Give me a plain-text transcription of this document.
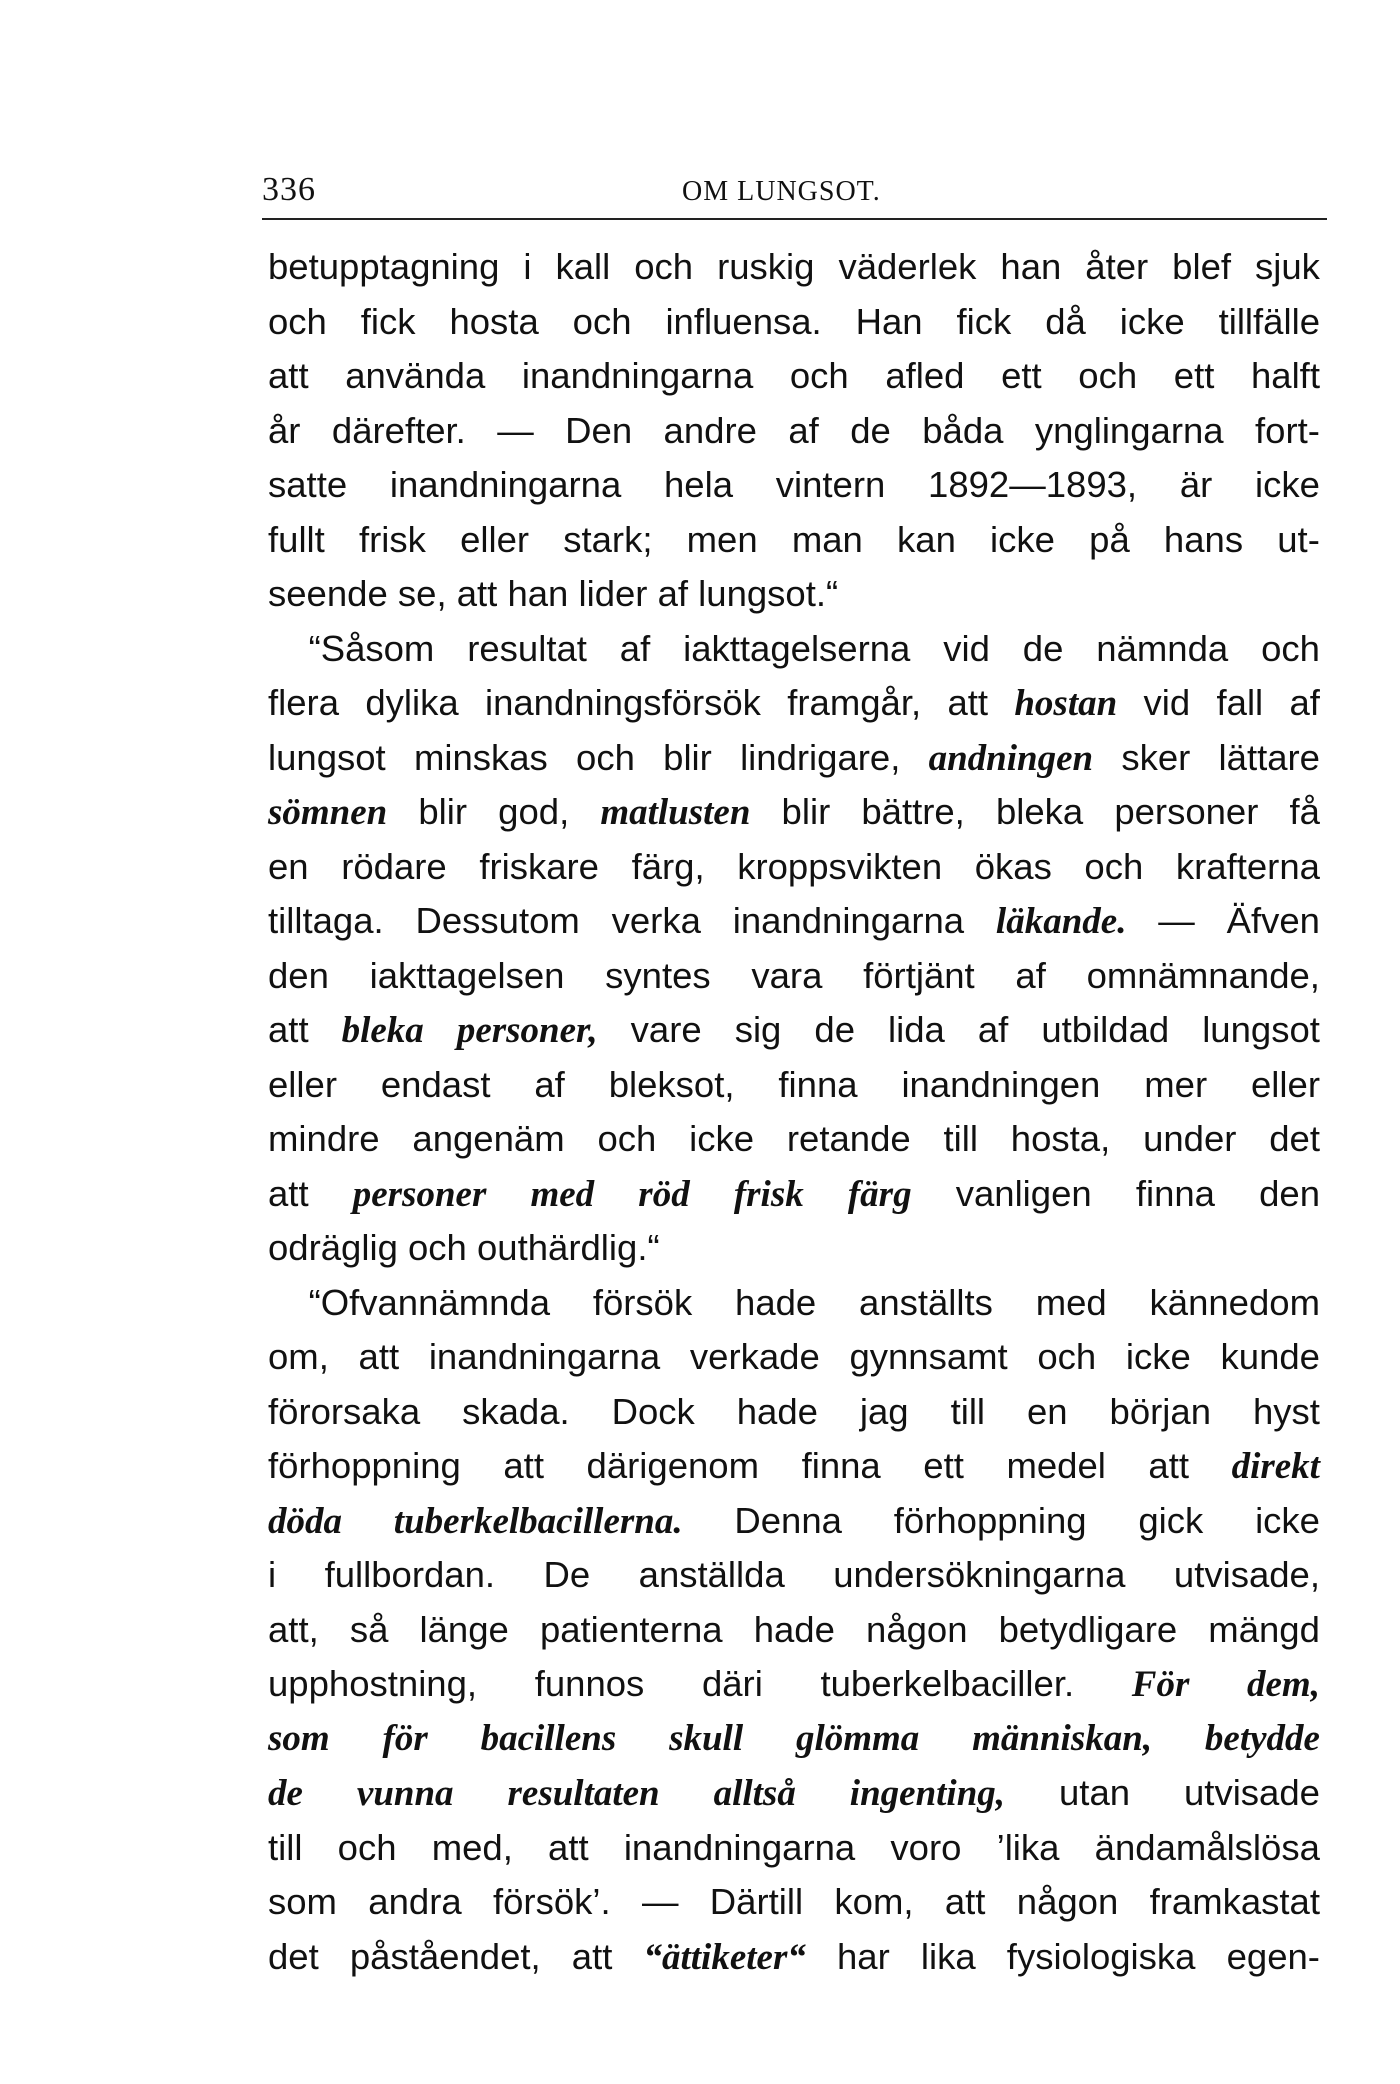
336	OM LUNGSOT.
betupptagning i kall och ruskig väderlek han åter blef sjuk
och fick hosta och influensa. Han fick då icke tillfälle
att använda inandningarna och afled ett och ett halft
år därefter. — Den andre af de båda ynglingarna fort-
satte inandningarna hela vintern 1892—1893, är icke
fullt frisk eller stark; men man kan icke på hans ut-
seende se, att han lider af lungsot.“
“Såsom resultat af iakttagelserna vid de nämnda och
flera dylika inandningsförsök framgår, att hostan vid fall af
lungsot minskas och blir lindrigare, andningen sker lättare
sömnen blir god, matlusten blir bättre, bleka personer få
en rödare friskare färg, kroppsvikten ökas och krafterna
tilltaga. Dessutom verka inandningarna läkande. — Äfven
den iakttagelsen syntes vara förtjänt af omnämnande,
att bleka personer, vare sig de lida af utbildad lungsot
eller endast af bleksot, finna inandningen mer eller
mindre angenäm och icke retande till hosta, under det
att personer med röd frisk färg vanligen finna den
odräglig och outhärdlig.“
“Ofvannämnda försök hade anställts med kännedom
om, att inandningarna verkade gynnsamt och icke kunde
förorsaka skada. Dock hade jag till en början hyst
förhoppning att därigenom finna ett medel att direkt
döda tuberkelbacillerna. Denna förhoppning gick icke
i fullbordan. De anställda undersökningarna utvisade,
att, så länge patienterna hade någon betydligare mängd
upphostning, funnos däri tuberkelbaciller. För dem,
som för bacillens skull glömma människan, betydde
de vunna resultaten alltså ingenting, utan utvisade
till och med, att inandningarna voro ’lika ändamålslösa
som andra försök’. — Därtill kom, att någon framkastat
det påståendet, att “ättiketer“ har lika fysiologiska egen-
